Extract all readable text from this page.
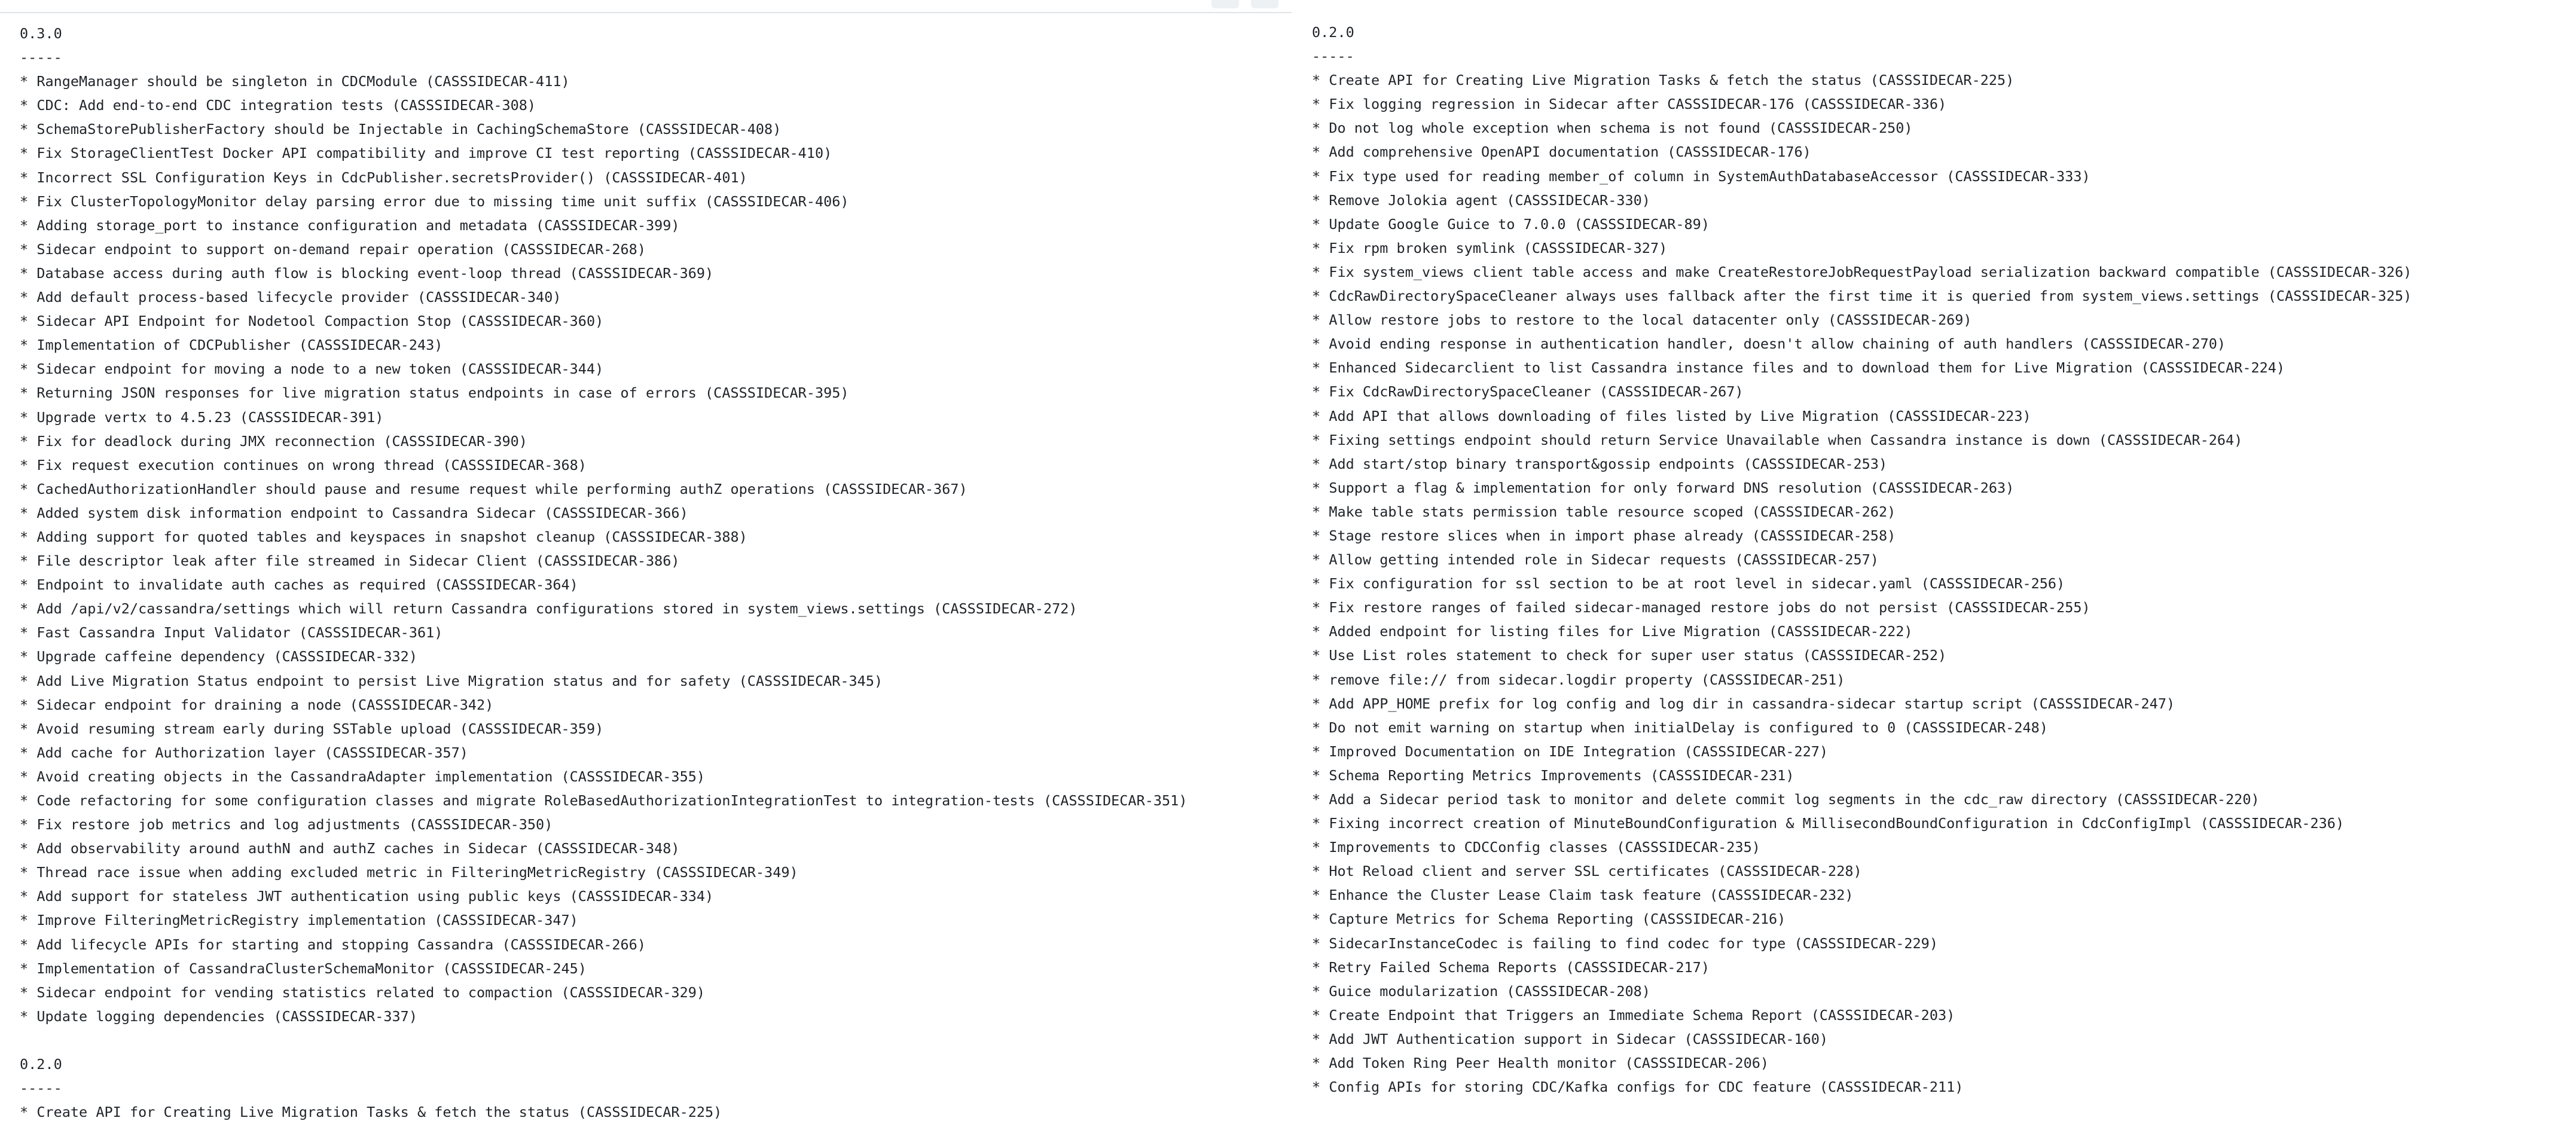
0.3.0
-----
* RangeManager should be singleton in CDCModule (CASSSIDECAR-411)
* CDC: Add end-to-end CDC integration tests (CASSSIDECAR-308)
* SchemaStorePublisherFactory should be Injectable in CachingSchemaStore (CASSSIDECAR-408)
* Fix StorageClientTest Docker API compatibility and improve CI test reporting (CASSSIDECAR-410)
* Incorrect SSL Configuration Keys in CdcPublisher.secretsProvider() (CASSSIDECAR-401)
* Fix ClusterTopologyMonitor delay parsing error due to missing time unit suffix (CASSSIDECAR-406)
* Adding storage_port to instance configuration and metadata (CASSSIDECAR-399)
* Sidecar endpoint to support on-demand repair operation (CASSSIDECAR-268)
* Database access during auth flow is blocking event-loop thread (CASSSIDECAR-369)
* Add default process-based lifecycle provider (CASSSIDECAR-340)
* Sidecar API Endpoint for Nodetool Compaction Stop (CASSSIDECAR-360)
* Implementation of CDCPublisher (CASSSIDECAR-243)
* Sidecar endpoint for moving a node to a new token (CASSSIDECAR-344)
* Returning JSON responses for live migration status endpoints in case of errors (CASSSIDECAR-395)
* Upgrade vertx to 4.5.23 (CASSSIDECAR-391)
* Fix for deadlock during JMX reconnection (CASSSIDECAR-390)
* Fix request execution continues on wrong thread (CASSSIDECAR-368)
* CachedAuthorizationHandler should pause and resume request while performing authZ operations (CASSSIDECAR-367)
* Added system disk information endpoint to Cassandra Sidecar (CASSSIDECAR-366)
* Adding support for quoted tables and keyspaces in snapshot cleanup (CASSSIDECAR-388)
* File descriptor leak after file streamed in Sidecar Client (CASSSIDECAR-386)
* Endpoint to invalidate auth caches as required (CASSSIDECAR-364)
* Add /api/v2/cassandra/settings which will return Cassandra configurations stored in system_views.settings (CASSSIDECAR-272)
* Fast Cassandra Input Validator (CASSSIDECAR-361)
* Upgrade caffeine dependency (CASSSIDECAR-332)
* Add Live Migration Status endpoint to persist Live Migration status and for safety (CASSSIDECAR-345)
* Sidecar endpoint for draining a node (CASSSIDECAR-342)
* Avoid resuming stream early during SSTable upload (CASSSIDECAR-359)
* Add cache for Authorization layer (CASSSIDECAR-357)
* Avoid creating objects in the CassandraAdapter implementation (CASSSIDECAR-355)
* Code refactoring for some configuration classes and migrate RoleBasedAuthorizationIntegrationTest to integration-tests (CASSSIDECAR-351)
* Fix restore job metrics and log adjustments (CASSSIDECAR-350)
* Add observability around authN and authZ caches in Sidecar (CASSSIDECAR-348)
* Thread race issue when adding excluded metric in FilteringMetricRegistry (CASSSIDECAR-349)
* Add support for stateless JWT authentication using public keys (CASSSIDECAR-334)
* Improve FilteringMetricRegistry implementation (CASSSIDECAR-347)
* Add lifecycle APIs for starting and stopping Cassandra (CASSSIDECAR-266)
* Implementation of CassandraClusterSchemaMonitor (CASSSIDECAR-245)
* Sidecar endpoint for vending statistics related to compaction (CASSSIDECAR-329)
* Update logging dependencies (CASSSIDECAR-337)
0.2.0
-----
* Create API for Creating Live Migration Tasks & fetch the status (CASSSIDECAR-225)
0.2.0
-----
* Create API for Creating Live Migration Tasks & fetch the status (CASSSIDECAR-225)
* Fix logging regression in Sidecar after CASSSIDECAR-176 (CASSSIDECAR-336)
* Do not log whole exception when schema is not found (CASSSIDECAR-250)
* Add comprehensive OpenAPI documentation (CASSSIDECAR-176)
* Fix type used for reading member_of column in SystemAuthDatabaseAccessor (CASSSIDECAR-333)
* Remove Jolokia agent (CASSSIDECAR-330)
* Update Google Guice to 7.0.0 (CASSSIDECAR-89)
* Fix rpm broken symlink (CASSSIDECAR-327)
* Fix system_views client table access and make CreateRestoreJobRequestPayload serialization backward compatible (CASSSIDECAR-326)
* CdcRawDirectorySpaceCleaner always uses fallback after the first time it is queried from system_views.settings (CASSSIDECAR-325)
* Allow restore jobs to restore to the local datacenter only (CASSSIDECAR-269)
* Avoid ending response in authentication handler, doesn't allow chaining of auth handlers (CASSSIDECAR-270)
* Enhanced Sidecarclient to list Cassandra instance files and to download them for Live Migration (CASSSIDECAR-224)
* Fix CdcRawDirectorySpaceCleaner (CASSSIDECAR-267)
* Add API that allows downloading of files listed by Live Migration (CASSSIDECAR-223)
* Fixing settings endpoint should return Service Unavailable when Cassandra instance is down (CASSSIDECAR-264)
* Add start/stop binary transport&gossip endpoints (CASSSIDECAR-253)
* Support a flag & implementation for only forward DNS resolution (CASSSIDECAR-263)
* Make table stats permission table resource scoped (CASSSIDECAR-262)
* Stage restore slices when in import phase already (CASSSIDECAR-258)
* Allow getting intended role in Sidecar requests (CASSSIDECAR-257)
* Fix configuration for ssl section to be at root level in sidecar.yaml (CASSSIDECAR-256)
* Fix restore ranges of failed sidecar-managed restore jobs do not persist (CASSSIDECAR-255)
* Added endpoint for listing files for Live Migration (CASSSIDECAR-222)
* Use List roles statement to check for super user status (CASSSIDECAR-252)
* remove file:// from sidecar.logdir property (CASSSIDECAR-251)
* Add APP_HOME prefix for log config and log dir in cassandra-sidecar startup script (CASSSIDECAR-247)
* Do not emit warning on startup when initialDelay is configured to 0 (CASSSIDECAR-248)
* Improved Documentation on IDE Integration (CASSSIDECAR-227)
* Schema Reporting Metrics Improvements (CASSSIDECAR-231)
* Add a Sidecar period task to monitor and delete commit log segments in the cdc_raw directory (CASSSIDECAR-220)
* Fixing incorrect creation of MinuteBoundConfiguration & MillisecondBoundConfiguration in CdcConfigImpl (CASSSIDECAR-236)
* Improvements to CDCConfig classes (CASSSIDECAR-235)
* Hot Reload client and server SSL certificates (CASSSIDECAR-228)
* Enhance the Cluster Lease Claim task feature (CASSSIDECAR-232)
* Capture Metrics for Schema Reporting (CASSSIDECAR-216)
* SidecarInstanceCodec is failing to find codec for type (CASSSIDECAR-229)
* Retry Failed Schema Reports (CASSSIDECAR-217)
* Guice modularization (CASSSIDECAR-208)
* Create Endpoint that Triggers an Immediate Schema Report (CASSSIDECAR-203)
* Add JWT Authentication support in Sidecar (CASSSIDECAR-160)
* Add Token Ring Peer Health monitor (CASSSIDECAR-206)
* Config APIs for storing CDC/Kafka configs for CDC feature (CASSSIDECAR-211)
